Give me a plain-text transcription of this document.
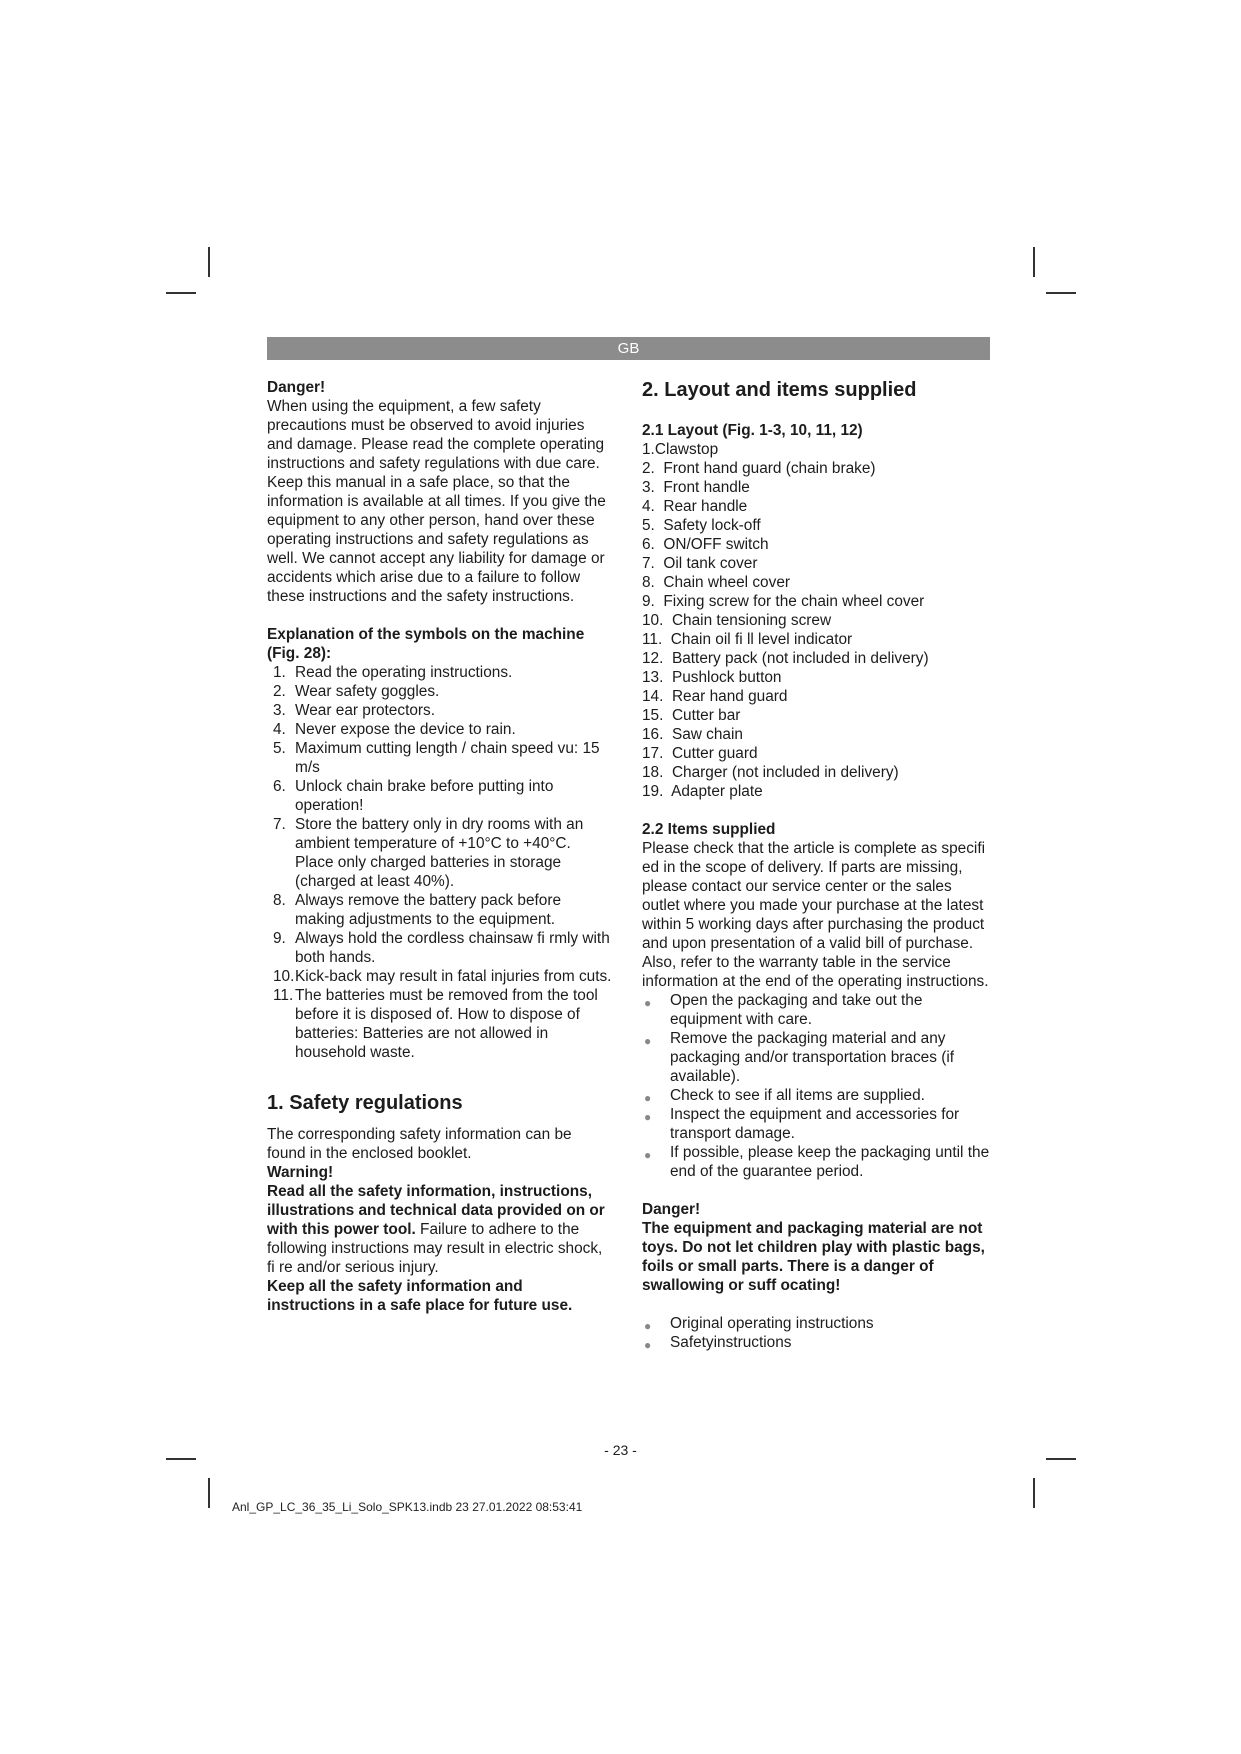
GB

Danger!

When using the equipment, a few safety precautions must be observed to avoid injuries and damage. Please read the complete operating instructions and safety regulations with due care. Keep this manual in a safe place, so that the information is available at all times. If you give the equipment to any other person, hand over these operating instructions and safety regulations as well. We cannot accept any liability for damage or accidents which arise due to a failure to follow these instructions and the safety instructions.

Explanation of the symbols on the machine (Fig. 28):

1. Read the operating instructions.
2. Wear safety goggles.
3. Wear ear protectors.
4. Never expose the device to rain.
5. Maximum cutting length / chain speed vu: 15 m/s
6. Unlock chain brake before putting into operation!
7. Store the battery only in dry rooms with an ambient temperature of +10°C to +40°C. Place only charged batteries in storage (charged at least 40%).
8. Always remove the battery pack before making adjustments to the equipment.
9. Always hold the cordless chainsaw fi rmly with both hands.
10.Kick-back may result in fatal injuries from cuts.
11. The batteries must be removed from the tool before it is disposed of. How to dispose of batteries: Batteries are not allowed in household waste.
1. Safety regulations

The corresponding safety information can be found in the enclosed booklet.

Warning!

Read all the safety information, instructions, illustrations and technical data provided on or with this power tool. Failure to adhere to the following instructions may result in electric shock, fi re and/or serious injury.

Keep all the safety information and instructions in a safe place for future use.

2. Layout and items supplied

2.1 Layout (Fig. 1-3, 10, 11, 12)

1.Clawstop
2.  Front hand guard (chain brake)
3.  Front handle
4.  Rear handle
5.  Safety lock-off
6.  ON/OFF switch
7.  Oil tank cover
8.  Chain wheel cover
9.  Fixing screw for the chain wheel cover
10.  Chain tensioning screw
11.  Chain oil fi ll level indicator
12.  Battery pack (not included in delivery)
13.  Pushlock button
14.  Rear hand guard
15.  Cutter bar
16.  Saw chain
17.  Cutter guard
18.  Charger (not included in delivery)
19.  Adapter plate

2.2 Items supplied

Please check that the article is complete as specifi ed in the scope of delivery. If parts are missing, please contact our service center or the sales outlet where you made your purchase at the latest within 5 working days after purchasing the product and upon presentation of a valid bill of purchase. Also, refer to the warranty table in the service information at the end of the operating instructions.

● Open the packaging and take out the equipment with care.
● Remove the packaging material and any packaging and/or transportation braces (if available).
● Check to see if all items are supplied.
● Inspect the equipment and accessories for transport damage.
● If possible, please keep the packaging until the end of the guarantee period.

Danger!

The equipment and packaging material are not toys. Do not let children play with plastic bags, foils or small parts. There is a danger of swallowing or suff ocating!

● Original operating instructions
● Safetyinstructions
- 23 -
Anl_GP_LC_36_35_Li_Solo_SPK13.indb 23 27.01.2022 08:53:41
